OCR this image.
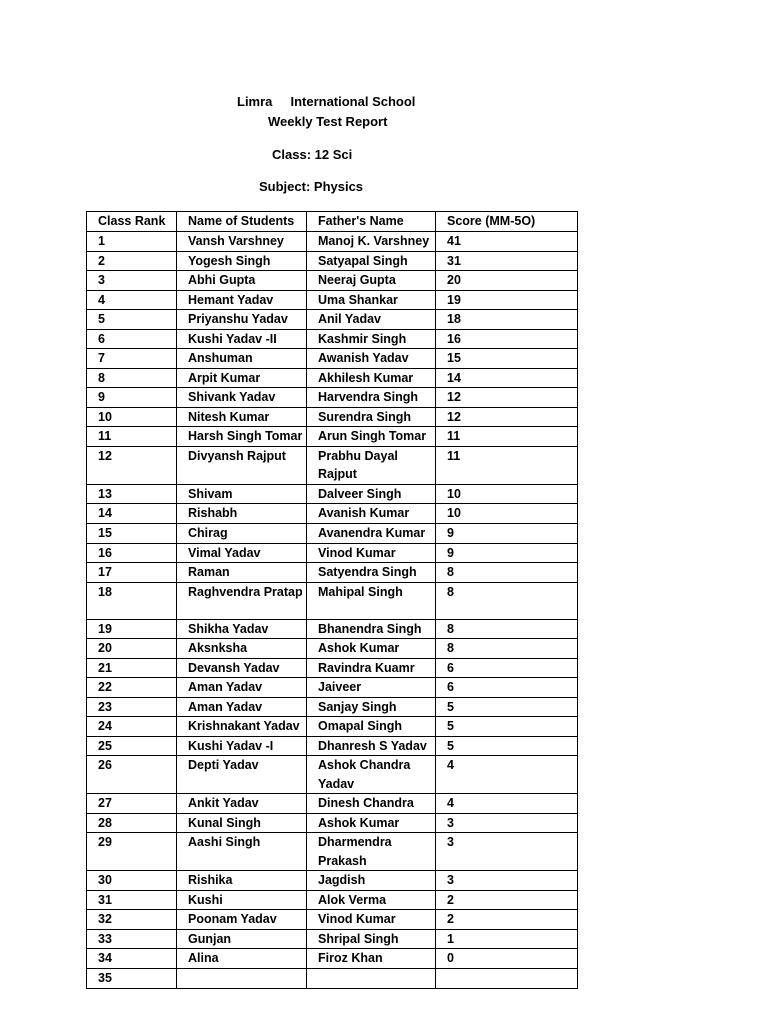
Limra     International School
Weekly Test Report
Class: 12 Sci
Subject: Physics
Class Rank	Name of Students	Father's Name	Score (MM-5O)
1	Vansh Varshney	Manoj K. Varshney	41
2	Yogesh Singh	Satyapal Singh	31
3	Abhi Gupta	Neeraj Gupta	20
4	Hemant Yadav	Uma Shankar	19
5	Priyanshu Yadav	Anil Yadav	18
6	Kushi Yadav -II	Kashmir Singh	16
7	Anshuman	Awanish Yadav	15
8	Arpit Kumar	Akhilesh Kumar	14
9	Shivank Yadav	Harvendra Singh	12
10	Nitesh Kumar	Surendra Singh	12
11	Harsh Singh Tomar	Arun Singh Tomar	11
12	Divyansh Rajput	Prabhu Dayal Rajput	11
13	Shivam	Dalveer Singh	10
14	Rishabh	Avanish Kumar	10
15	Chirag	Avanendra Kumar	9
16	Vimal Yadav	Vinod Kumar	9
17	Raman	Satyendra Singh	8
18	Raghvendra Pratap	Mahipal Singh	8
19	Shikha Yadav	Bhanendra Singh	8
20	Aksnksha	Ashok Kumar	8
21	Devansh Yadav	Ravindra Kuamr	6
22	Aman Yadav	Jaiveer	6
23	Aman Yadav	Sanjay Singh	5
24	Krishnakant Yadav	Omapal Singh	5
25	Kushi Yadav -I	Dhanresh S Yadav	5
26	Depti Yadav	Ashok Chandra Yadav	4
27	Ankit Yadav	Dinesh Chandra	4
28	Kunal Singh	Ashok Kumar	3
29	Aashi Singh	Dharmendra Prakash	3
30	Rishika	Jagdish	3
31	Kushi	Alok Verma	2
32	Poonam Yadav	Vinod Kumar	2
33	Gunjan	Shripal Singh	1
34	Alina	Firoz Khan	0
35			
